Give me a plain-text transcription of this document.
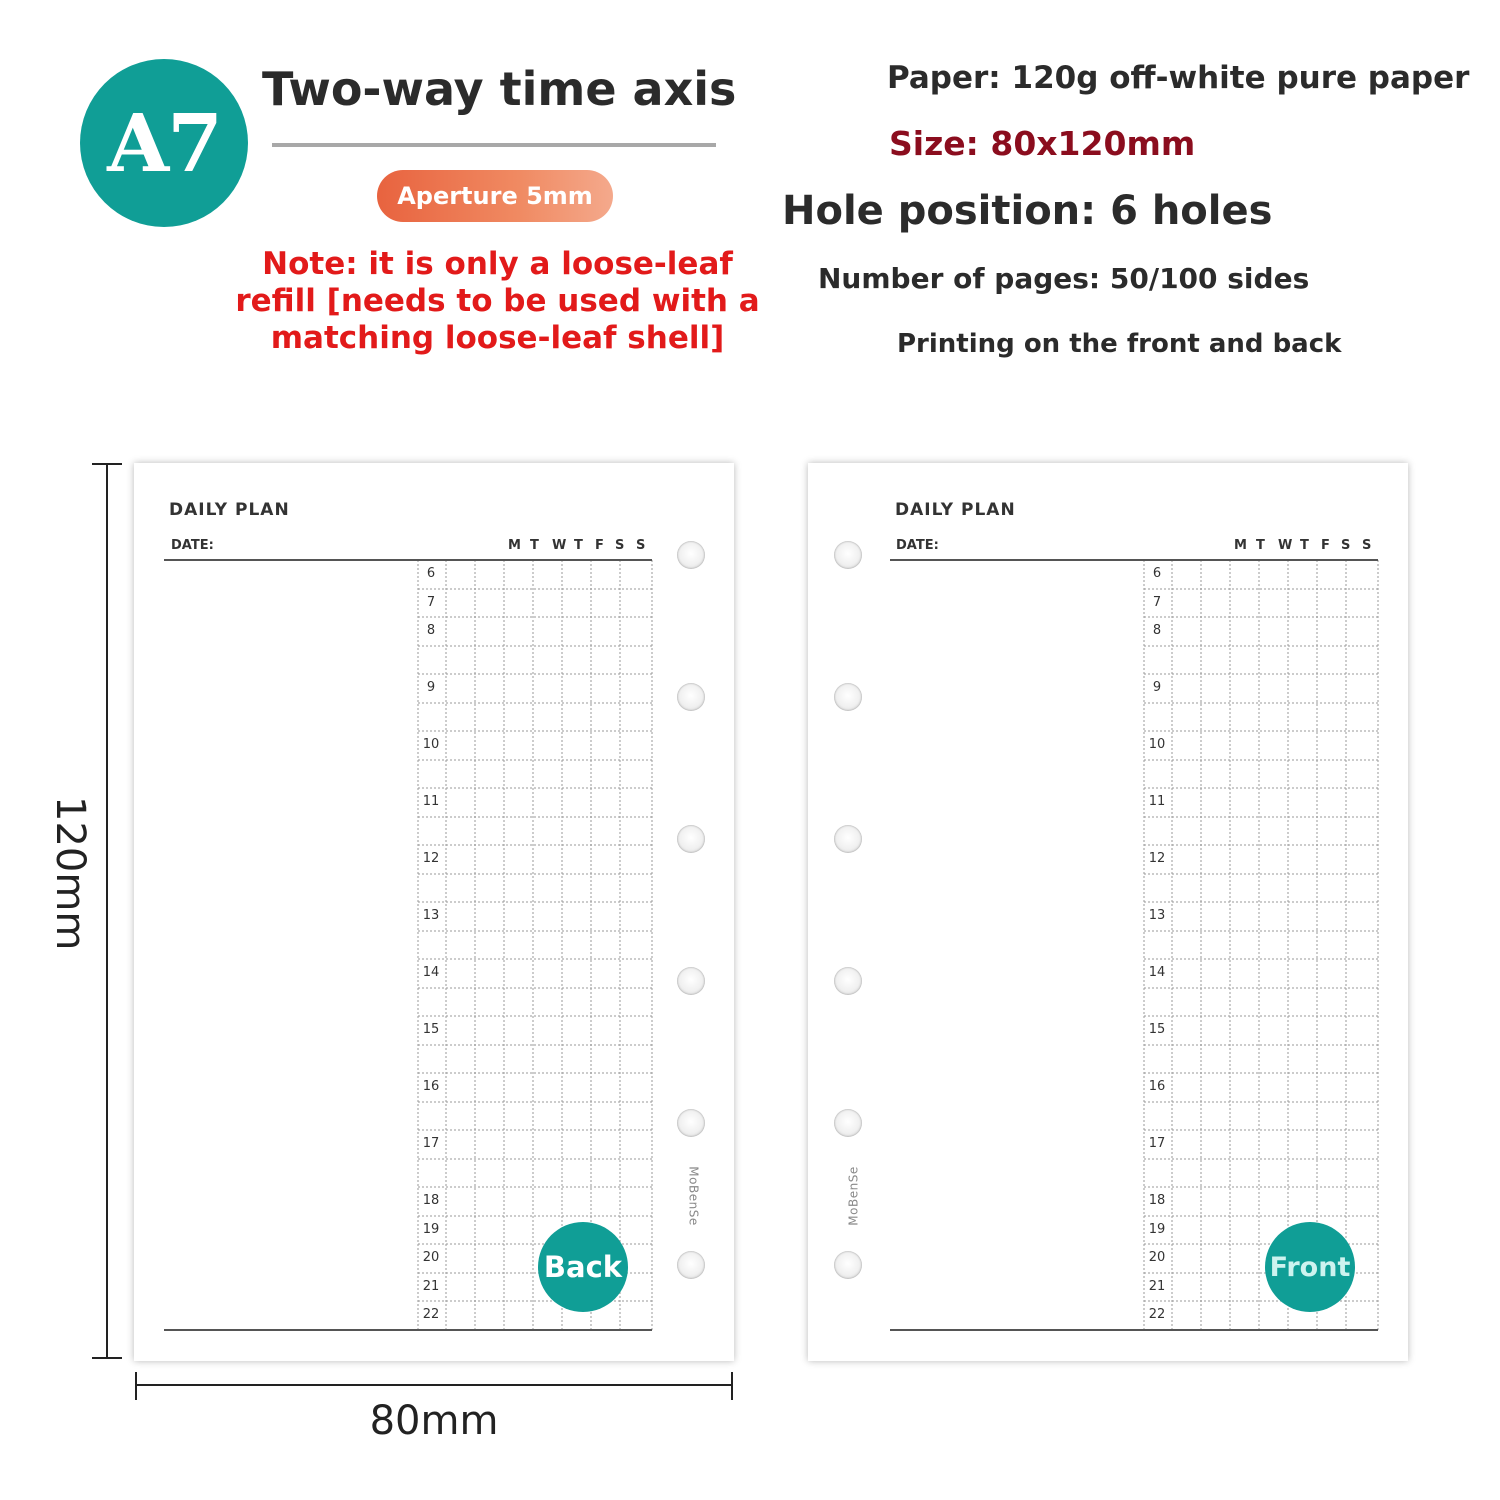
A7
Two-way time axis
Aperture 5mm
Note: it is only a loose-leaf refill [needs to be used with a matching loose-leaf shell]
Paper: 120g off-white pure paper
Size: 80x120mm
Hole position: 6 holes
Number of pages: 50/100 sides
Printing on the front and back
DAILY PLAN
DATE:
MoBenSe
Back
6
7
8
9
10
11
12
13
14
15
16
17
18
19
20
21
22
M T W T F S S
DAILY PLAN
DATE:
MoBenSe
Front
6
7
8
9
10
11
12
13
14
15
16
17
18
19
20
21
22
M T W T F S S
120mm
80mm
